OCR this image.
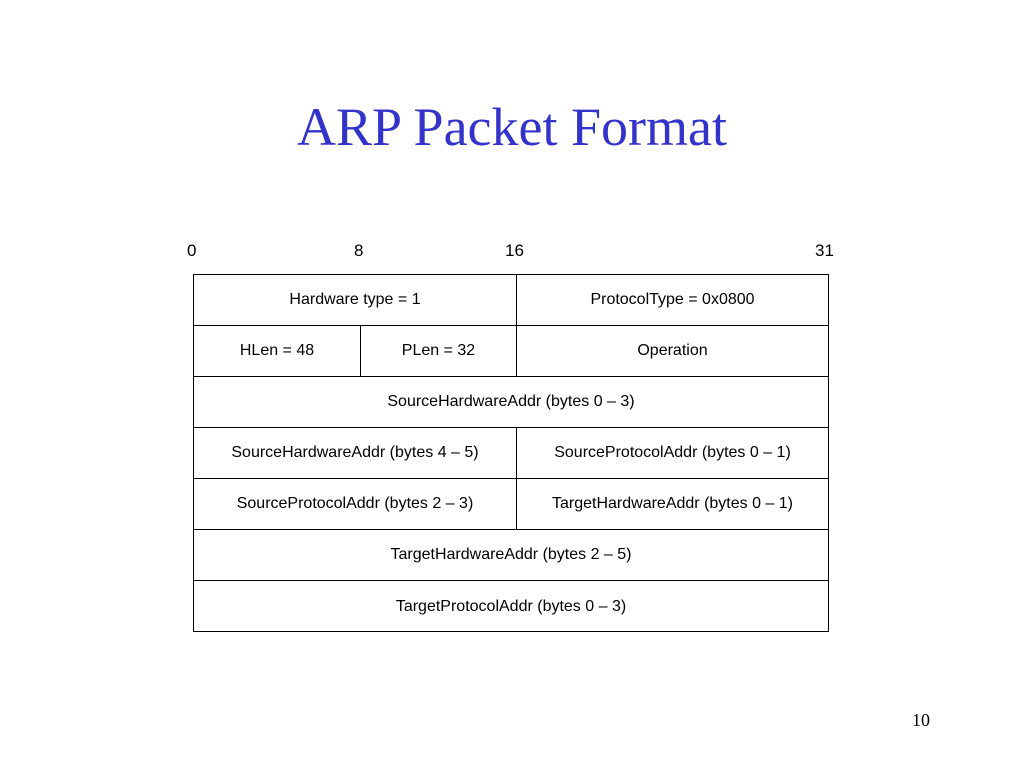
ARP Packet Format
0	8	16	31
Hardware type = 1	ProtocolType = 0x0800
HLen = 48	PLen = 32	Operation
SourceHardwareAddr (bytes 0 – 3)
SourceHardwareAddr (bytes 4 – 5)	SourceProtocolAddr (bytes 0 – 1)
SourceProtocolAddr (bytes 2 – 3)	TargetHardwareAddr (bytes 0 – 1)
TargetHardwareAddr (bytes 2 – 5)
TargetProtocolAddr (bytes 0 – 3)
10
